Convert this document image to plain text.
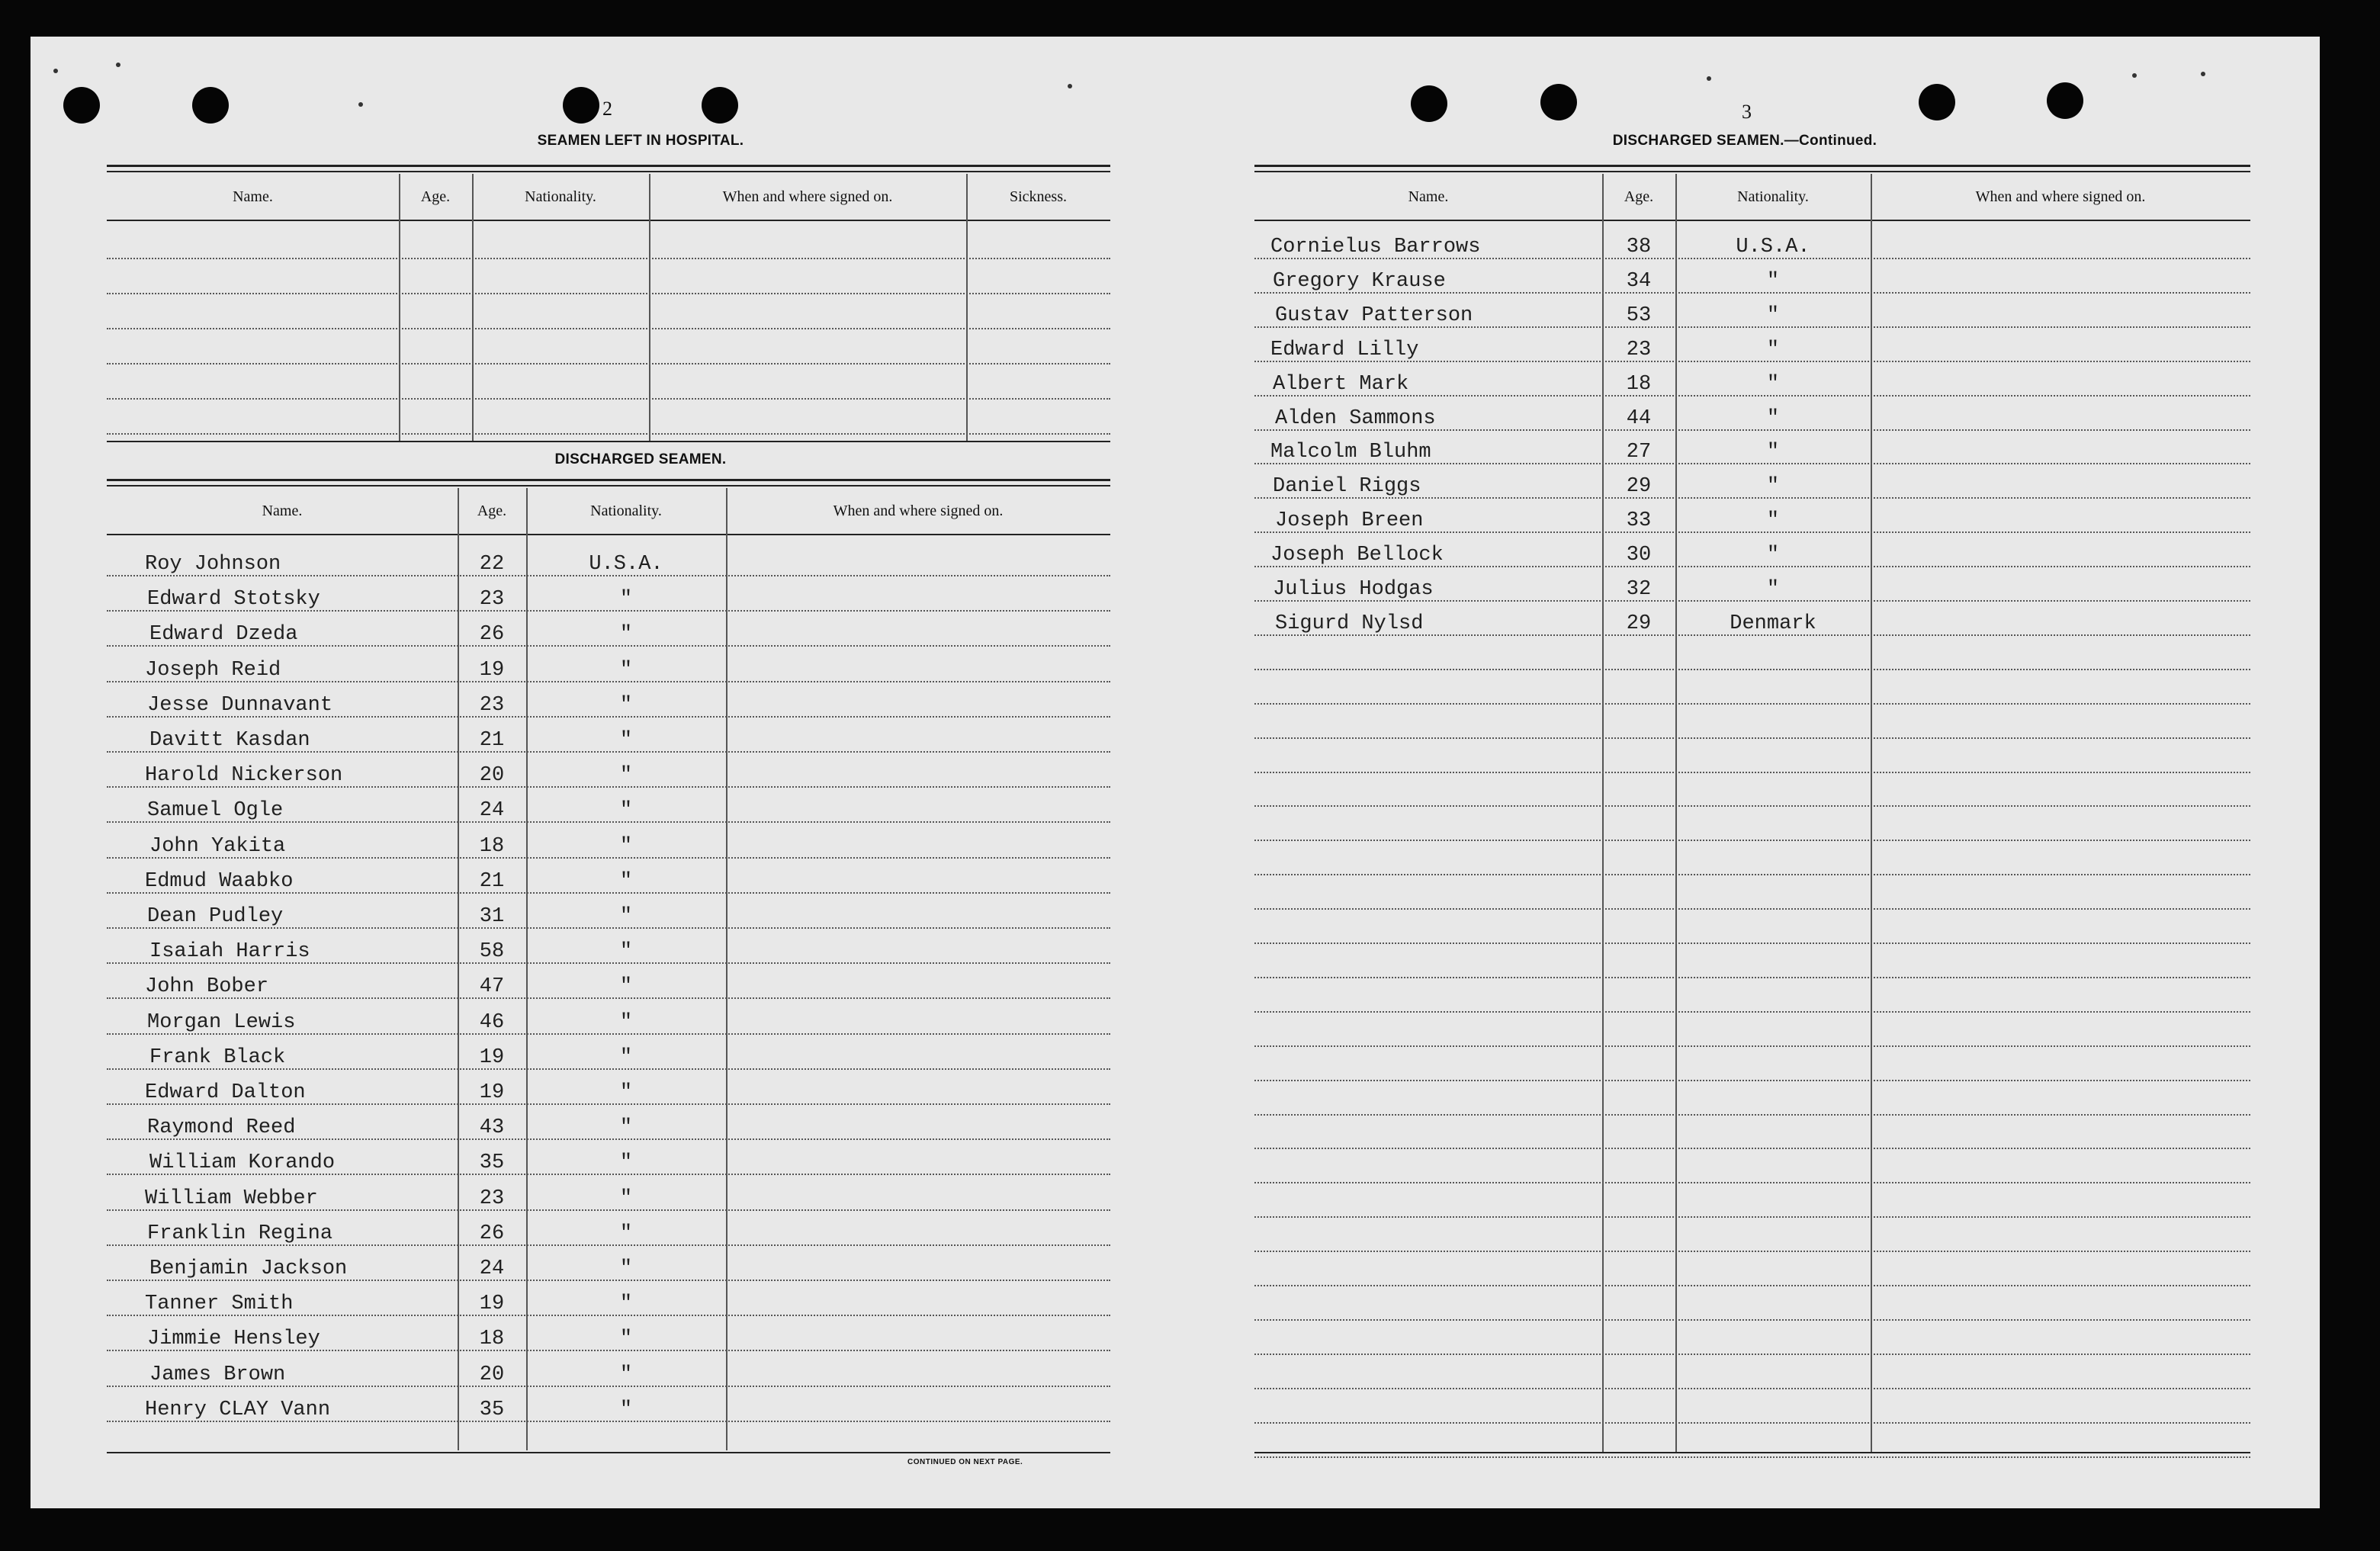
2
SEAMEN LEFT IN HOSPITAL.
Name.	Age.	Nationality.	When and where signed on.	Sickness.
DISCHARGED SEAMEN.
Name.	Age.	Nationality.	When and where signed on.
Roy Johnson	22	U.S.A.
Edward Stotsky	23	"
Edward Dzeda	26	"
Joseph Reid	19	"
Jesse Dunnavant	23	"
Davitt Kasdan	21	"
Harold Nickerson	20	"
Samuel Ogle	24	"
John Yakita	18	"
Edmud Waabko	21	"
Dean Pudley	31	"
Isaiah Harris	58	"
John Bober	47	"
Morgan Lewis	46	"
Frank Black	19	"
Edward Dalton	19	"
Raymond Reed	43	"
William Korando	35	"
William Webber	23	"
Franklin Regina	26	"
Benjamin Jackson	24	"
Tanner Smith	19	"
Jimmie Hensley	18	"
James Brown	20	"
Henry CLAY Vann	35	"
CONTINUED ON NEXT PAGE.
3
DISCHARGED SEAMEN.—Continued.
Name.	Age.	Nationality.	When and where signed on.
Cornielus Barrows	38	U.S.A.
Gregory Krause	34	"
Gustav Patterson	53	"
Edward Lilly	23	"
Albert Mark	18	"
Alden Sammons	44	"
Malcolm Bluhm	27	"
Daniel Riggs	29	"
Joseph Breen	33	"
Joseph Bellock	30	"
Julius Hodgas	32	"
Sigurd Nylsd	29	Denmark
